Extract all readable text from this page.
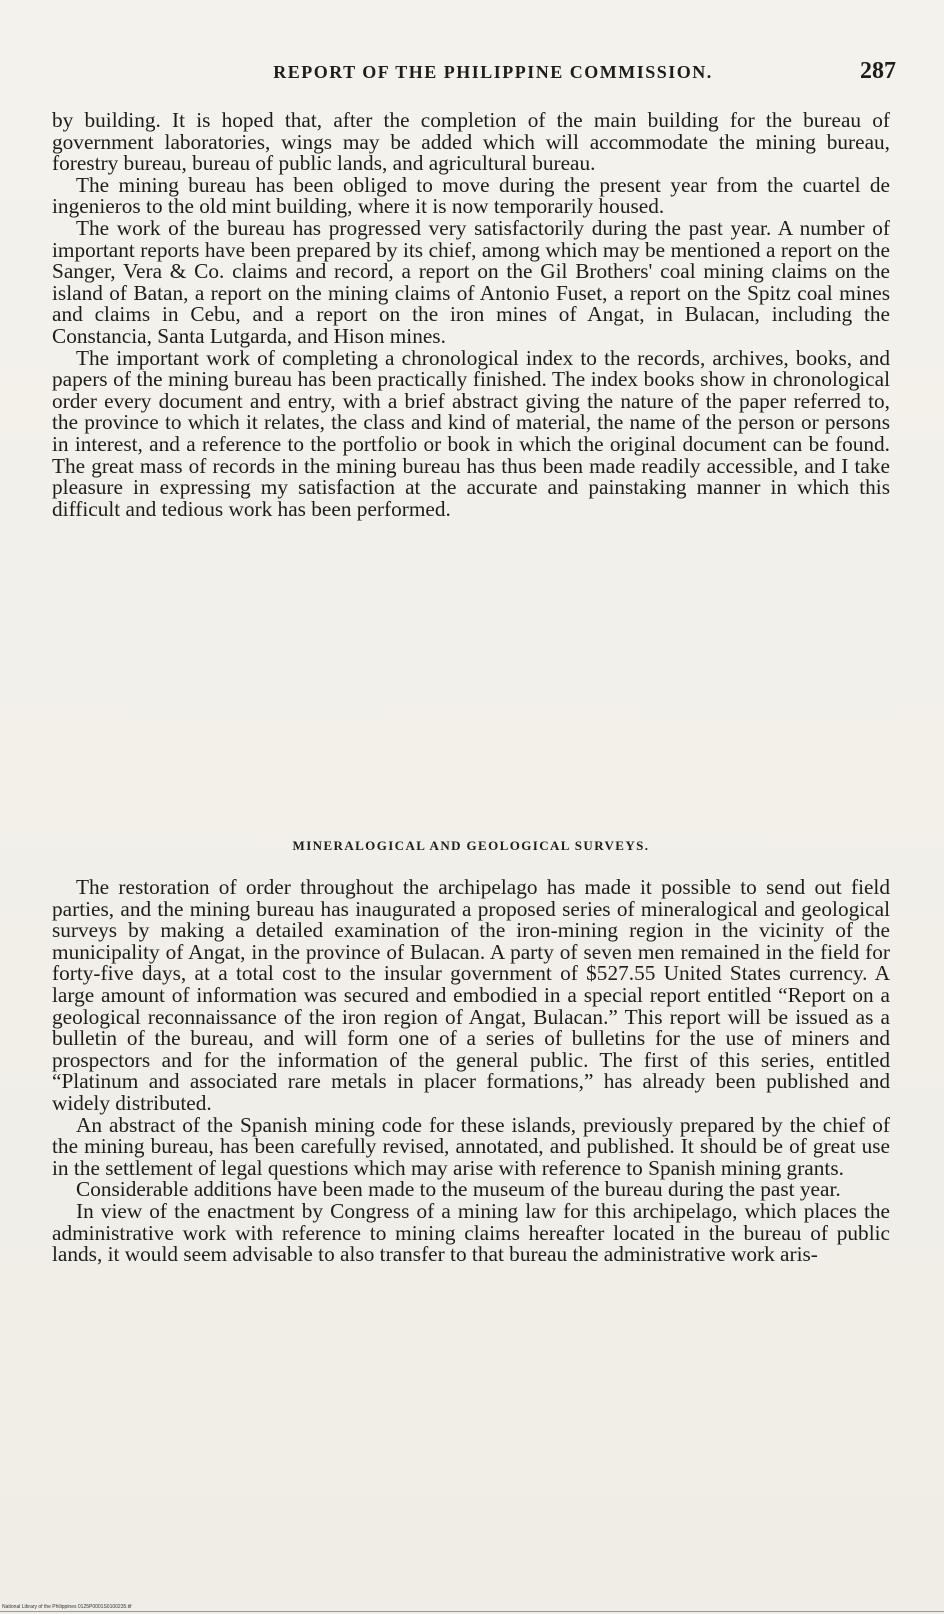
REPORT OF THE PHILIPPINE COMMISSION.	287

by building. It is hoped that, after the completion of the main building for the bureau of government laboratories, wings may be added which will accommodate the mining bureau, forestry bureau, bureau of public lands, and agricultural bureau.

The mining bureau has been obliged to move during the present year from the cuartel de ingenieros to the old mint building, where it is now temporarily housed.

The work of the bureau has progressed very satisfactorily during the past year. A number of important reports have been prepared by its chief, among which may be mentioned a report on the Sanger, Vera & Co. claims and record, a report on the Gil Brothers' coal mining claims on the island of Batan, a report on the mining claims of Antonio Fuset, a report on the Spitz coal mines and claims in Cebu, and a report on the iron mines of Angat, in Bulacan, including the Constancia, Santa Lutgarda, and Hison mines.

The important work of completing a chronological index to the records, archives, books, and papers of the mining bureau has been practically finished. The index books show in chronological order every document and entry, with a brief abstract giving the nature of the paper referred to, the province to which it relates, the class and kind of material, the name of the person or persons in interest, and a reference to the portfolio or book in which the original document can be found. The great mass of records in the mining bureau has thus been made readily accessible, and I take pleasure in expressing my satisfaction at the accurate and painstaking manner in which this difficult and tedious work has been performed.

MINERALOGICAL AND GEOLOGICAL SURVEYS.

The restoration of order throughout the archipelago has made it possible to send out field parties, and the mining bureau has inaugurated a proposed series of mineralogical and geological surveys by making a detailed examination of the iron-mining region in the vicinity of the municipality of Angat, in the province of Bulacan. A party of seven men remained in the field for forty-five days, at a total cost to the insular government of $527.55 United States currency. A large amount of information was secured and embodied in a special report entitled “Report on a geological reconnaissance of the iron region of Angat, Bulacan.” This report will be issued as a bulletin of the bureau, and will form one of a series of bulletins for the use of miners and prospectors and for the information of the general public. The first of this series, entitled “Platinum and associated rare metals in placer formations,” has already been published and widely distributed.

An abstract of the Spanish mining code for these islands, previously prepared by the chief of the mining bureau, has been carefully revised, annotated, and published. It should be of great use in the settlement of legal questions which may arise with reference to Spanish mining grants.

Considerable additions have been made to the museum of the bureau during the past year.

In view of the enactment by Congress of a mining law for this archipelago, which places the administrative work with reference to mining claims hereafter located in the bureau of public lands, it would seem advisable to also transfer to that bureau the administrative work aris-

National Library of the Philippines 0125P0001S0100235.tif
